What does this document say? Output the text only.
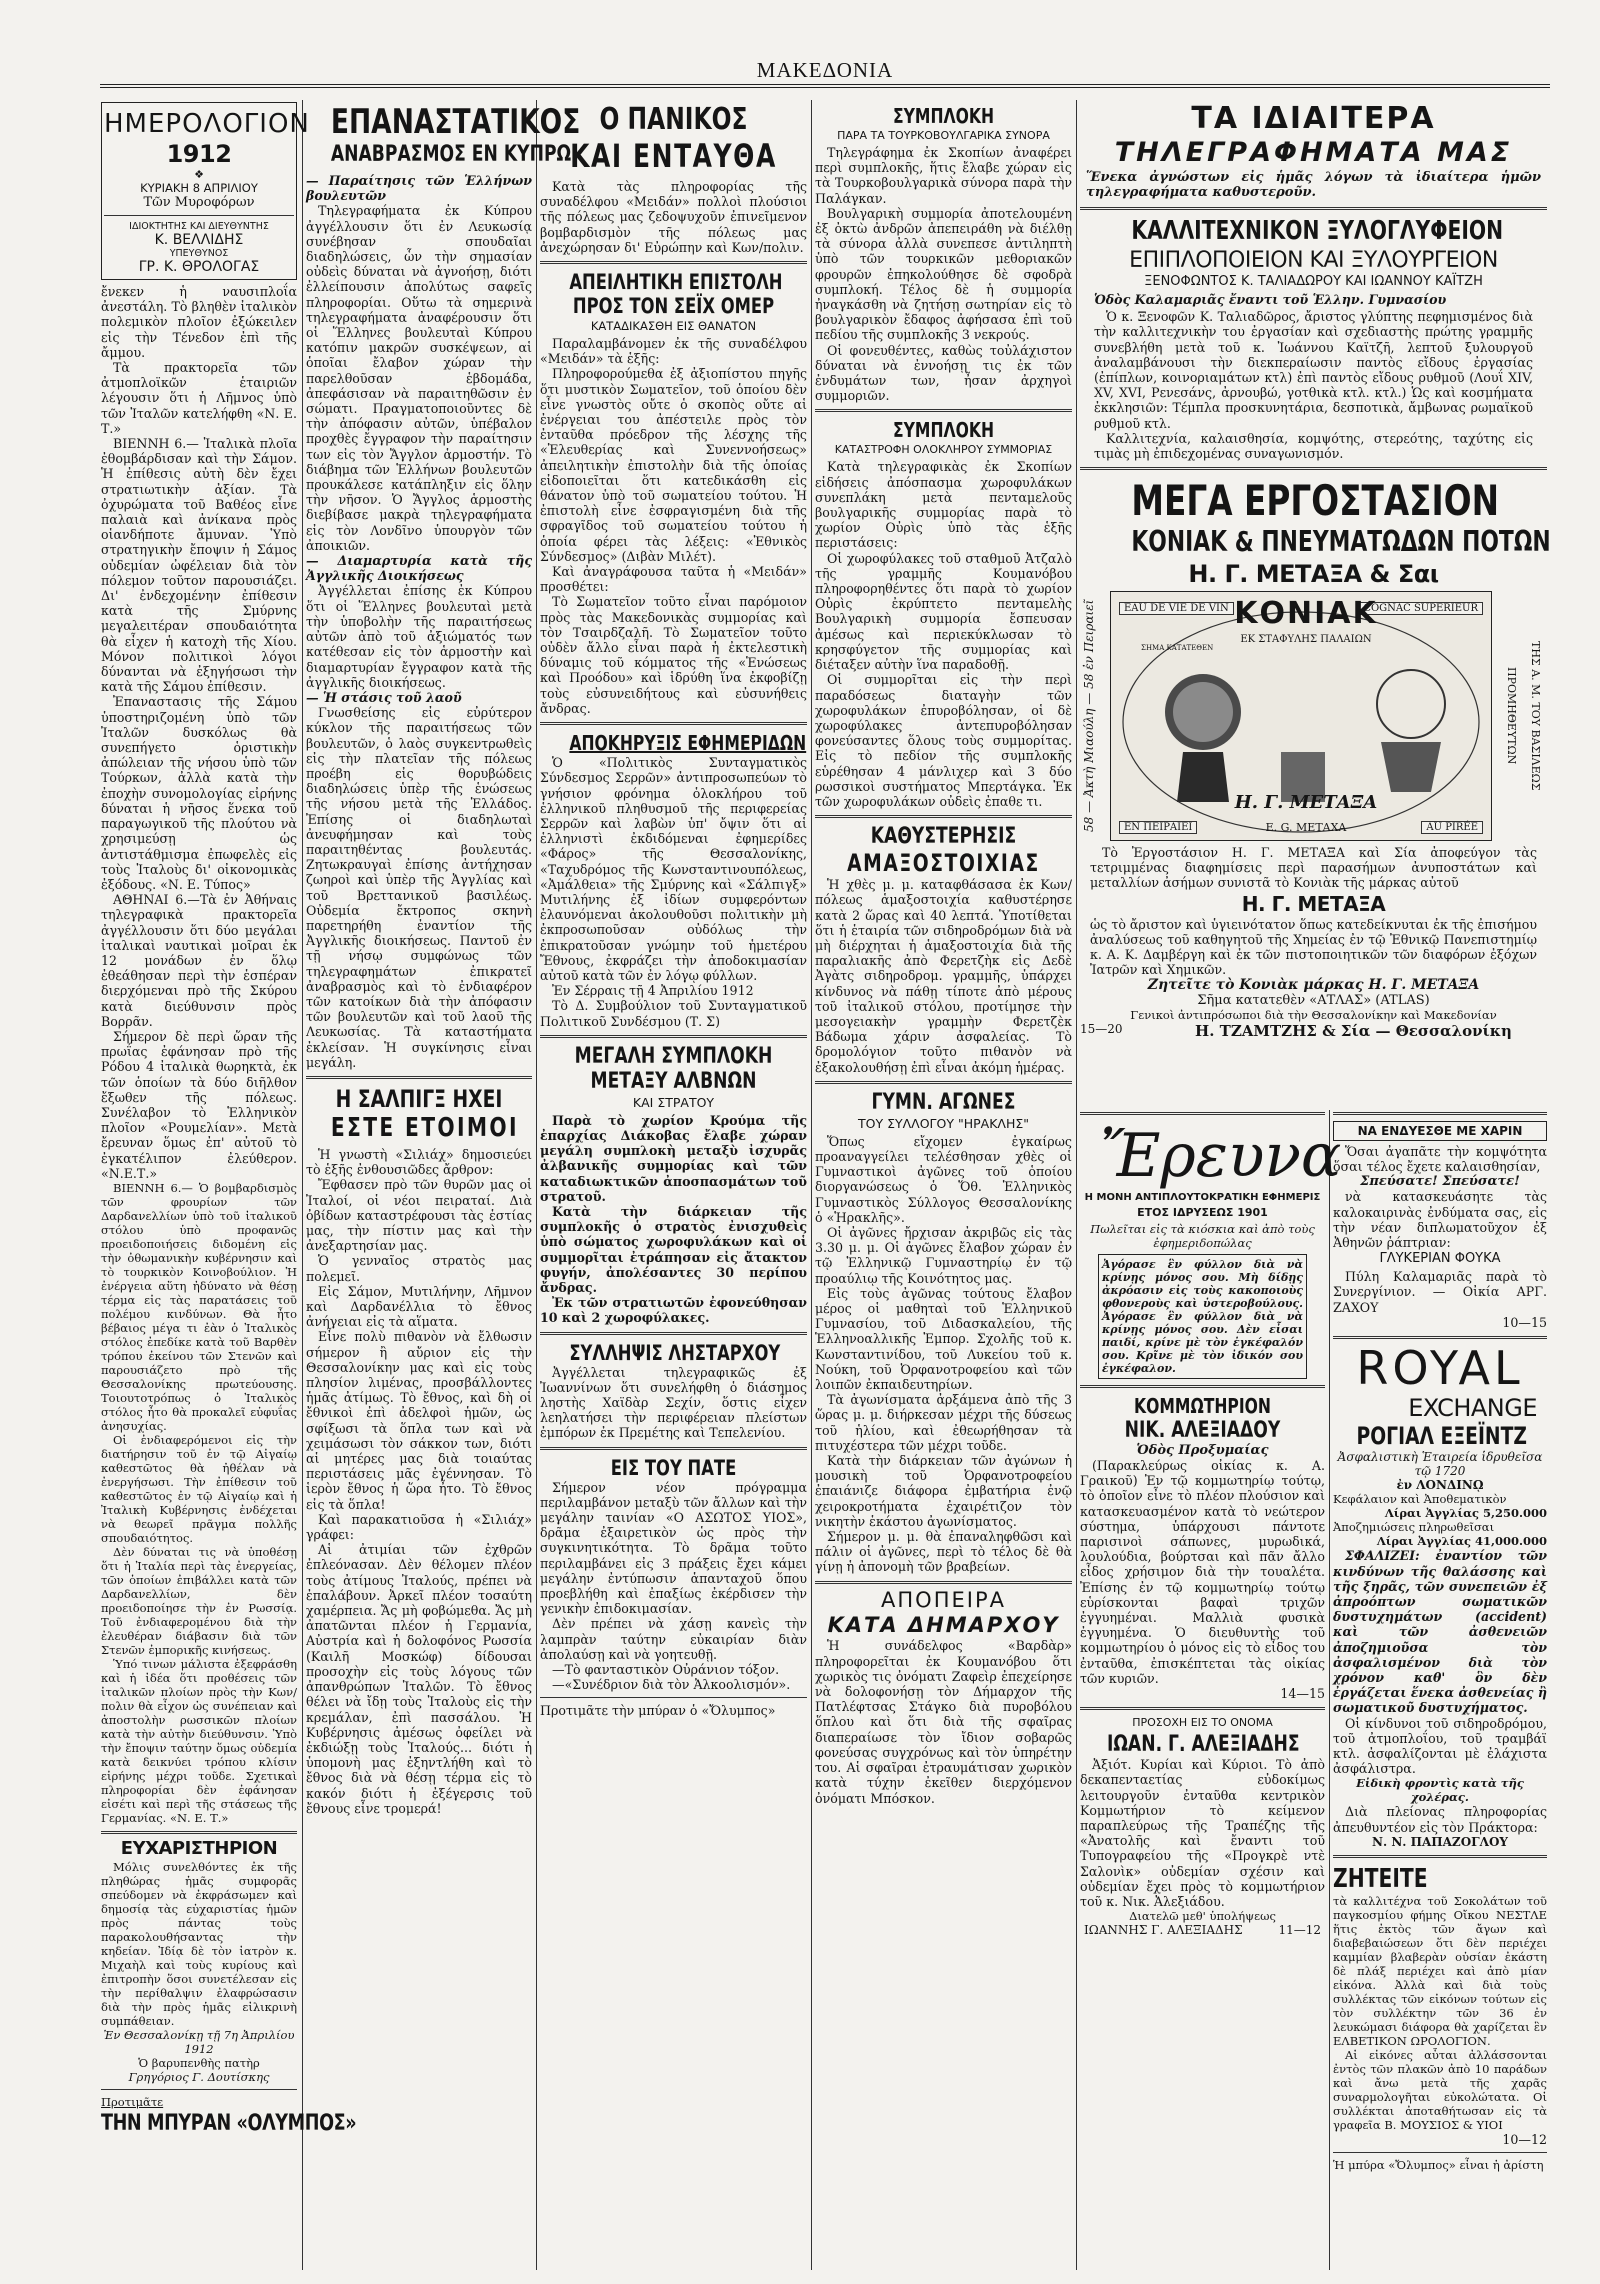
ΜΑΚΕΔΟΝΙΑ
ΗΜΕΡΟΛΟΓΙΟΝ
1912
❖
ΚΥΡΙΑΚΗ 8 ΑΠΡΙΛΙΟΥ
Τῶν Μυροφόρων
ΙΔΙΟΚΤΗΤΗΣ ΚΑΙ ΔΙΕΥΘΥΝΤΗΣ
Κ. ΒΕΛΛΙΔΗΣ
ΥΠΕΥΘΥΝΟΣ
ΓΡ. Κ. ΘΡΟΛΟΓΑΣ

ἔνεκεν ἡ ναυσιπλοΐα ἀνεστάλη. Τὸ βληθὲν ἰταλικὸν πολεμικὸν πλοῖον ἐξώκειλεν εἰς τὴν Τένεδον ἐπὶ τῆς ἄμμου.

Τὰ πρακτορεῖα τῶν ἀτμοπλοϊκῶν ἑταιριῶν λέγουσιν ὅτι ἡ Λῆμνος ὑπὸ τῶν Ἰταλῶν κατελήφθη «Ν. Ε. Τ.»

ΒΙΕΝΝΗ 6.— Ἰταλικὰ πλοῖα ἐθομβάρδισαν καὶ τὴν Σάμον. Ἡ ἐπίθεσις αὐτὴ δὲν ἔχει στρατιωτικὴν ἀξίαν. Τὰ ὀχυρώματα τοῦ Βαθέος εἶνε παλαιὰ καὶ ἀνίκανα πρὸς οἱανδήποτε ἄμυναν. Ὑπὸ στρατηγικὴν ἔποψιν ἡ Σάμος οὐδεμίαν ὠφέλειαν διὰ τὸν πόλεμον τοῦτον παρουσιάζει. Δι' ἐνδεχομένην ἐπίθεσιν κατὰ τῆς Σμύρνης μεγαλειτέραν σπουδαιότητα θὰ εἶχεν ἡ κατοχὴ τῆς Χίου. Μόνον πολιτικοὶ λόγοι δύνανται νὰ ἐξηγήσωσι τὴν κατὰ τῆς Σάμου ἐπίθεσιν.

Ἐπαναστασις τῆς Σάμου ὑποστηριζομένη ὑπὸ τῶν Ἰταλῶν δυσκόλως θὰ συνεπήγετο ὁριστικὴν ἀπώλειαν τῆς νήσου ὑπὸ τῶν Τούρκων, ἀλλὰ κατὰ τὴν ἐποχὴν συνομολογίας εἰρήνης δύναται ἡ νῆσος ἕνεκα τοῦ παραγωγικοῦ τῆς πλούτου νὰ χρησιμεύσῃ ὡς ἀντιστάθμισμα ἐπωφελὲς εἰς τοὺς Ἰταλοὺς δι' οἰκονομικὰς ἐξόδους. «Ν. Ε. Τύπος»

ΑΘΗΝΑΙ 6.—Τὰ ἐν Ἀθήναις τηλεγραφικὰ πρακτορεῖα ἀγγέλλουσιν ὅτι δύο μεγάλαι ἰταλικαὶ ναυτικαὶ μοῖραι ἐκ 12 μονάδων ἐν ὅλῳ ἐθεάθησαν περὶ τὴν ἑσπέραν διερχόμεναι πρὸ τῆς Σκύρου κατὰ διεύθυνσιν πρὸς Βορρᾶν.

Σήμερον δὲ περὶ ὥραν τῆς πρωΐας ἐφάνησαν πρὸ τῆς Ρόδου 4 ἰταλικὰ θωρηκτὰ, ἐκ τῶν ὁποίων τὰ δύο διῆλθον ἔξωθεν τῆς πόλεως. Συνέλαβον τὸ Ἑλληνικὸν πλοῖον «Ρουμελίαν». Μετὰ ἔρευναν ὅμως ἐπ' αὐτοῦ τὸ ἐγκατέλιπον ἐλεύθερον. «Ν.Ε.Τ.»

ΒΙΕΝΝΗ 6.— Ὁ βομβαρδισμὸς τῶν φρουρίων τῶν Δαρδανελλίων ὑπὸ τοῦ ἰταλικοῦ στόλου ὑπὸ προφανῶς προειδοποιήσεις διδομένη εἰς τὴν ὀθωμανικὴν κυβέρνησιν καὶ τὸ τουρκικὸν Κοινοβούλιον. Ἡ ἐνέργεια αὕτη ἠδύνατο νὰ θέσῃ τέρμα εἰς τὰς παρατάσεις τοῦ πολέμου κινδύνων. Θὰ ἦτο βέβαιος μέγα τι ἐὰν ὁ Ἰταλικὸς στόλος ἐπεδίκε κατὰ τοῦ Βαρθὲν τρόπου ἐκείνου τῶν Στενῶν καὶ παρουσιάζετο πρὸ τῆς Θεσσαλονίκης πρωτεύουσης. Τοιουτοτρόπως ὁ Ἰταλικὸς στόλος ἦτο θὰ προκαλεῖ εὐφυΐας ἀνησυχίας.

Οἱ ἐνδιαφερόμενοι εἰς τὴν διατήρησιν τοῦ ἐν τῷ Αἰγαίῳ καθεστῶτος θὰ ἠθέλαν νὰ ἐνεργήσωσι. Τὴν ἐπίθεσιν τοῦ καθεστῶτος ἐν τῷ Αἰγαίῳ καὶ ἡ Ἰταλικὴ Κυβέρνησις ἐνδέχεται νὰ θεωρεῖ πρᾶγμα πολλῆς σπουδαιότητος.

Δὲν δύναται τις νὰ ὑποθέσῃ ὅτι ἡ Ἰταλία περὶ τὰς ἐνεργείας, τῶν ὁποίων ἐπιβάλλει κατὰ τῶν Δαρδανελλίων, δὲν προειδοποίησε τὴν ἐν Ρωσσίᾳ. Τοῦ ἐνδιαφερομένου διὰ τὴν ἐλευθέραν διάβασιν διὰ τῶν Στενῶν ἐμπορικῆς κινήσεως.

Ὑπό τινων μάλιστα ἐξεφράσθη καὶ ἡ ἰδέα ὅτι προθέσεις τῶν ἰταλικῶν πλοίων πρὸς τὴν Κων/πολιν θὰ εἶχον ὡς συνέπειαν καὶ ἀποστολὴν ρωσσικῶν πλοίων κατὰ τὴν αὐτὴν διεύθυνσιν. Ὑπὸ τὴν ἔποψιν ταύτην ὅμως οὐδεμία κατὰ δεικνύει τρόπου κλίσιν εἰρήνης μέχρι τοῦδε. Σχετικαὶ πληροφορίαι δὲν ἐφάνησαν εἰσέτι καὶ περὶ τῆς στάσεως τῆς Γερμανίας. «Ν. Ε. Τ.»

ΕΥΧΑΡΙΣΤΗΡΙΟΝ

Μόλις συνελθόντες ἐκ τῆς πληθώρας ἡμᾶς συμφορᾶς σπεύδομεν νὰ ἐκφράσωμεν καὶ δημοσίᾳ τὰς εὐχαριστίας ἡμῶν πρὸς πάντας τοὺς παρακολουθήσαντας τὴν κηδείαν. Ἰδίᾳ δὲ τὸν ἰατρὸν κ. Μιχαὴλ καὶ τοὺς κυρίους καὶ ἐπιτροπὴν ὅσοι συνετέλεσαν εἰς τὴν περίθαλψιν ἐλαφρώσασιν διὰ τὴν πρὸς ἡμᾶς εἰλικρινὴ συμπάθειαν.

Ἐν Θεσσαλονίκῃ τῇ 7η Ἀπριλίου 1912
Ὁ βαρυπενθὴς πατὴρ
Γρηγόριος Γ. Δουτίσκης
Προτιμᾶτε
ΤΗΝ ΜΠΥΡΑΝ «ΟΛΥΜΠΟΣ»
ΕΠΑΝΑΣΤΑΤΙΚΟΣ
ΑΝΑΒΡΑΣΜΟΣ ΕΝ ΚΥΠΡΩ
— Παραίτησις τῶν Ἑλλήνων βουλευτῶν

Τηλεγραφήματα ἐκ Κύπρου ἀγγέλλουσιν ὅτι ἐν Λευκωσίᾳ συνέβησαν σπουδαῖαι διαδηλώσεις, ὧν τὴν σημασίαν οὐδεὶς δύναται νὰ ἀγνοήσῃ, διότι ἐλλείπουσιν ἀπολύτως σαφεῖς πληροφορίαι. Οὕτω τὰ σημερινὰ τηλεγραφήματα ἀναφέρουσιν ὅτι οἱ Ἕλληνες βουλευταὶ Κύπρου κατόπιν μακρῶν συσκέψεων, αἱ ὁποῖαι ἔλαβον χώραν τὴν παρελθοῦσαν ἑβδομάδα, ἀπεφάσισαν νὰ παραιτηθῶσιν ἐν σώματι. Πραγματοποιοῦντες δὲ τὴν ἀπόφασιν αὐτῶν, ὑπέβαλον προχθὲς ἔγγραφον τὴν παραίτησιν των εἰς τὸν Ἄγγλον ἁρμοστήν. Τὸ διάβημα τῶν Ἑλλήνων βουλευτῶν προυκάλεσε κατάπληξιν εἰς ὅλην τὴν νῆσον. Ὁ Ἄγγλος ἁρμοστὴς διεβίβασε μακρὰ τηλεγραφήματα εἰς τὸν Λονδῖνο ὑπουργὸν τῶν ἀποικιῶν.

— Διαμαρτυρία κατὰ τῆς Ἀγγλικῆς Διοικήσεως

Ἀγγέλλεται ἐπίσης ἐκ Κύπρου ὅτι οἱ Ἕλληνες βουλευταὶ μετὰ τὴν ὑποβολὴν τῆς παραιτήσεως αὐτῶν ἀπὸ τοῦ ἀξιώματός των κατέθεσαν εἰς τὸν ἁρμοστὴν καὶ διαμαρτυρίαν ἔγγραφον κατὰ τῆς ἀγγλικῆς διοικήσεως.

— Ἡ στάσις τοῦ λαοῦ

Γνωσθείσης εἰς εὐρύτερον κύκλον τῆς παραιτήσεως τῶν βουλευτῶν, ὁ λαὸς συγκεντρωθεὶς εἰς τὴν πλατεῖαν τῆς πόλεως προέβη εἰς θορυβώδεις διαδηλώσεις ὑπὲρ τῆς ἑνώσεως τῆς νήσου μετὰ τῆς Ἑλλάδος. Ἐπίσης οἱ διαδηλωταὶ ἀνευφήμησαν καὶ τοὺς παραιτηθέντας βουλευτάς. Ζητωκραυγαὶ ἐπίσης ἀντήχησαν ζωηροὶ καὶ ὑπὲρ τῆς Ἀγγλίας καὶ τοῦ Βρεττανικοῦ βασιλέως. Οὐδεμία ἔκτροπος σκηνὴ παρετηρήθη ἐναντίον τῆς Ἀγγλικῆς διοικήσεως. Παντοῦ ἐν τῇ νήσῳ συμφώνως τῶν τηλεγραφημάτων ἐπικρατεῖ ἀναβρασμὸς καὶ τὸ ἐνδιαφέρον τῶν κατοίκων διὰ τὴν ἀπόφασιν τῶν βουλευτῶν καὶ τοῦ λαοῦ τῆς Λευκωσίας. Τὰ καταστήματα ἐκλείσαν. Ἡ συγκίνησις εἶναι μεγάλη.

Η ΣΑΛΠΙΓΞ ΗΧΕΙ
ΕΣΤΕ ΕΤΟΙΜΟΙ

Ἡ γνωστὴ «Σιλιάχ» δημοσιεύει τὸ ἑξῆς ἐνθουσιῶδες ἄρθρον:

Ἔφθασεν πρὸ τῶν θυρῶν μας οἱ Ἰταλοί, οἱ νέοι πειραταί. Διὰ ὀβίδων καταστρέφουσι τὰς ἑστίας μας, τὴν πίστιν μας καὶ τὴν ἀνεξαρτησίαν μας.

Ὁ γενναῖος στρατὸς μας πολεμεῖ.

Εἰς Σάμον, Μυτιλήνην, Λῆμνον καὶ Δαρδανέλλια τὸ ἔθνος ἀνήγειαι εἰς τὰ αἵματα.

Εἶνε πολὺ πιθανὸν νὰ ἔλθωσιν σήμερον ἢ αὔριον εἰς τὴν Θεσσαλονίκην μας καὶ εἰς τοὺς πλησίον λιμένας, προσβάλλοντες ἡμᾶς ἀτίμως. Τὸ ἔθνος, καὶ δὴ οἱ ἔθνικοὶ ἐπὶ ἀδελφοὶ ἡμῶν, ὡς σφίξωσι τὰ ὅπλα των καὶ νὰ χειμάσωσι τὸν σάκκον των, διότι αἱ μητέρες μας διὰ τοιαύτας περιστάσεις μᾶς ἐγέννησαν. Τὸ ἱερὸν ἔθνος ἡ ὥρα ἦτο. Τὸ ἔθνος εἰς τὰ ὅπλα!

Καὶ παρακατιοῦσα ἡ «Σιλιάχ» γράφει:

Αἱ ἀτιμίαι τῶν ἐχθρῶν ἐπλεόνασαν. Δὲν θέλομεν πλέον τοὺς ἀτίμους Ἰταλούς, πρέπει νὰ ἐπαλάβουν. Ἀρκεῖ πλέον τοσαύτη χαμέρπεια. Ἄς μὴ φοβώμεθα. Ἄς μὴ ἀπατῶνται πλέον ἡ Γερμανία, Αὐστρία καὶ ἡ δολοφόνος Ρωσσία (Καιλῆ Μοσκώφ) δίδουσαι προσοχὴν εἰς τοὺς λόγους τῶν ἀπανθρώπων Ἰταλῶν. Τὸ ἔθνος θέλει νὰ ἴδῃ τοὺς Ἰταλοὺς εἰς τὴν κρεμάλαν, ἐπὶ πασσάλου. Ἡ Κυβέρνησις ἀμέσως ὀφείλει νὰ ἐκδιώξῃ τοὺς Ἰταλούς... διότι ἡ ὑπομονὴ μας ἐξηντλήθη καὶ τὸ ἔθνος διὰ νὰ θέσῃ τέρμα εἰς τὸ κακόν διότι ἡ ἐξέγερσις τοῦ ἔθνους εἶνε τρομερά!

Ο ΠΑΝΙΚΟΣ
ΚΑΙ ΕΝΤΑΥΘΑ

Κατὰ τὰς πληροφορίας τῆς συναδέλφου «Μειδάν» πολλοὶ πλούσιοι τῆς πόλεως μας ζεδοψυχοῦν ἐπινεῖμενον βομβαρδισμὸν τῆς πόλεως μας ἀνεχώρησαν δι' Εὐρώπην καὶ Κων/πολιν.

ΑΠΕΙΛΗΤΙΚΗ ΕΠΙΣΤΟΛΗ
ΠΡΟΣ ΤΟΝ ΣΕΪΧ ΟΜΕΡ
ΚΑΤΑΔΙΚΑΣΘΗ ΕΙΣ ΘΑΝΑΤΟΝ

Παραλαμβάνομεν ἐκ τῆς συναδέλφου «Μειδάν» τὰ ἑξῆς:

Πληροφορούμεθα ἐξ ἀξιοπίστου πηγῆς ὅτι μυστικὸν Σωματεῖον, τοῦ ὁποίου δὲν εἶνε γνωστὸς οὔτε ὁ σκοπὸς οὔτε αἱ ἐνέργειαι του ἀπέστειλε πρὸς τὸν ἐνταῦθα πρόεδρον τῆς λέσχης τῆς «Ἐλευθερίας καὶ Συνεννοήσεως» ἀπειλητικὴν ἐπιστολὴν διὰ τῆς ὁποίας εἰδοποιεῖται ὅτι κατεδικάσθη εἰς θάνατον ὑπὸ τοῦ σωματείου τούτου. Ἡ ἐπιστολὴ εἶνε ἐσφραγισμένη διὰ τῆς σφραγῖδος τοῦ σωματείου τούτου ἡ ὁποία φέρει τὰς λέξεις: «Ἐθνικὸς Σύνδεσμος» (Διβὰν Μιλέτ).

Καὶ ἀναγράφουσα ταῦτα ἡ «Μειδάν» προσθέτει:

Τὸ Σωματεῖον τοῦτο εἶναι παρόμοιον πρὸς τὰς Μακεδονικὰς συμμορίας καὶ τὸν Τσαιρδζαλῆ. Τὸ Σωματεῖον τοῦτο οὐδὲν ἄλλο εἶναι παρὰ ἡ ἐκτελεστικὴ δύναμις τοῦ κόμματος τῆς «Ἑνώσεως καὶ Προόδου» καὶ ἱδρύθη ἵνα ἐκφοβίζῃ τοὺς εὐσυνειδήτους καὶ εὐσυνήθεις ἄνδρας.

ΑΠΟΚΗΡΥΞΙΣ ΕΦΗΜΕΡΙΔΩΝ

Ὁ «Πολιτικὸς Συνταγματικὸς Σύνδεσμος Σερρῶν» ἀντιπροσωπεύων τὸ γνήσιον φρόνημα ὁλοκλήρου τοῦ ἑλληνικοῦ πληθυσμοῦ τῆς περιφερείας Σερρῶν καὶ λαβὼν ὑπ' ὄψιν ὅτι αἱ ἑλληνιστὶ ἐκδιδόμεναι ἐφημερίδες «Φάρος» τῆς Θεσσαλονίκης, «Ταχυδρόμος τῆς Κωνσταντινουπόλεως, «Ἀμάλθεια» τῆς Σμύρνης καὶ «Σάλπιγξ» Μυτιλήνης ἐξ ἰδίων συμφερόντων ἑλαυνόμεναι ἀκολουθοῦσι πολιτικὴν μὴ ἐκπροσωποῦσαν οὐδόλως τὴν ἐπικρατοῦσαν γνώμην τοῦ ἡμετέρου Ἔθνους, ἐκφράζει τὴν ἀποδοκιμασίαν αὐτοῦ κατὰ τῶν ἐν λόγῳ φύλλων.

Ἐν Σέρραις τῇ 4 Ἀπριλίου 1912

Τὸ Δ. Συμβούλιον τοῦ Συνταγματικοῦ Πολιτικοῦ Συνδέσμου (Τ. Σ)

ΜΕΓΑΛΗ ΣΥΜΠΛΟΚΗ
ΜΕΤΑΞΥ ΑΛΒΝΩΝ
ΚΑΙ ΣΤΡΑΤΟΥ

Παρὰ τὸ χωρίον Κρούμα τῆς ἐπαρχίας Διάκοβας ἔλαβε χώραν μεγάλη συμπλοκὴ μεταξὺ ἰσχυρᾶς ἀλβανικῆς συμμορίας καὶ τῶν καταδιωκτικῶν ἀποσπασμάτων τοῦ στρατοῦ.

Κατὰ τὴν διάρκειαν τῆς συμπλοκῆς ὁ στρατὸς ἐνισχυθεὶς ὑπὸ σώματος χωροφυλάκων καὶ οἱ συμμορῖται ἐτράπησαν εἰς ἄτακτον φυγήν, ἀπολέσαντες 30 περίπου ἄνδρας.

Ἐκ τῶν στρατιωτῶν ἐφονεύθησαν 10 καὶ 2 χωροφύλακες.

ΣΥΛΛΗΨΙΣ ΛΗΣΤΑΡΧΟΥ

Ἀγγέλλεται τηλεγραφικῶς ἐξ Ἰωαννίνων ὅτι συνελήφθη ὁ διάσημος ληστὴς Χαϊδὰρ Σεχίν, ὅστις εἶχεν λεηλατήσει τὴν περιφέρειαν πλείστων ἐμπόρων ἐκ Πρεμέτης καὶ Τεπελενίου.

ΕΙΣ ΤΟΥ ΠΑΤΕ

Σήμερον νέον πρόγραμμα περιλαμβάνον μεταξὺ τῶν ἄλλων καὶ τὴν μεγάλην ταινίαν «Ο ΑΣΩΤΟΣ ΥΙΟΣ», δρᾶμα ἐξαιρετικὸν ὡς πρὸς τὴν συγκινητικότητα. Τὸ δρᾶμα τοῦτο περιλαμβάνει εἰς 3 πράξεις ἔχει κάμει μεγάλην ἐντύπωσιν ἁπανταχοῦ ὅπου προεβλήθη καὶ ἐπαξίως ἐκέρδισεν τὴν γενικὴν ἐπιδοκιμασίαν.

Δὲν πρέπει νὰ χάσῃ κανεὶς τὴν λαμπρὰν ταύτην εὐκαιρίαν διὰν ἀπολαύσῃ καὶ νὰ γοητευθῇ.

—Τὸ φανταστικὸν Οὐράνιον τόξον.

—«Συνέδριον διὰ τὸν Ἀλκοολισμόν».

Προτιμᾶτε τὴν μπύραν ὁ «Ὄλυμπος»

ΣΥΜΠΛΟΚΗ
ΠΑΡΑ ΤΑ ΤΟΥΡΚΟΒΟΥΛΓΑΡΙΚΑ ΣΥΝΟΡΑ

Τηλεγράφημα ἐκ Σκοπίων ἀναφέρει περὶ συμπλοκῆς, ἥτις ἔλαβε χώραν εἰς τὰ Τουρκοβουλγαρικὰ σύνορα παρὰ τὴν Παλάγκαν.

Βουλγαρικὴ συμμορία ἀποτελουμένη ἐξ ὀκτὼ ἀνδρῶν ἀπεπειράθη νὰ διέλθῃ τὰ σύνορα ἀλλὰ συνεπεσε ἀντιληπτὴ ὑπὸ τῶν τουρκικῶν μεθοριακῶν φρουρῶν ἐπηκολούθησε δὲ σφοδρὰ συμπλοκή. Τέλος δὲ ἡ συμμορία ἠναγκάσθη νὰ ζητήσῃ σωτηρίαν εἰς τὸ βουλγαρικὸν ἔδαφος ἀφήσασα ἐπὶ τοῦ πεδίου τῆς συμπλοκῆς 3 νεκρούς.

Οἱ φονευθέντες, καθὼς τοὐλάχιστον δύναται νὰ ἐννοήσῃ τις ἐκ τῶν ἐνδυμάτων των, ἦσαν ἀρχηγοὶ συμμοριῶν.

ΣΥΜΠΛΟΚΗ
ΚΑΤΑΣΤΡΟΦΗ ΟΛΟΚΛΗΡΟΥ ΣΥΜΜΟΡΙΑΣ

Κατὰ τηλεγραφικὰς ἐκ Σκοπίων εἰδήσεις ἀπόσπασμα χωροφυλάκων συνεπλάκη μετὰ πενταμελοῦς βουλγαρικῆς συμμορίας παρὰ τὸ χωρίον Οὐρὶς ὑπὸ τὰς ἑξῆς περιστάσεις:

Οἱ χωροφύλακες τοῦ σταθμοῦ Ἀτζαλὸ τῆς γραμμῆς Κουμανόβου πληροφορηθέντες ὅτι παρὰ τὸ χωρίον Οὐρὶς ἐκρύπτετο πενταμελὴς Βουλγαρικὴ συμμορία ἔσπευσαν ἀμέσως καὶ περιεκύκλωσαν τὸ κρησφύγετον τῆς συμμορίας καὶ διέταξεν αὐτὴν ἵνα παραδοθῇ.

Οἱ συμμορῖται εἰς τὴν περὶ παραδόσεως διαταγὴν τῶν χωροφυλάκων ἐπυροβόλησαν, οἱ δὲ χωροφύλακες ἀντεπυροβόλησαν φονεύσαντες ὅλους τοὺς συμμορίτας. Εἰς τὸ πεδίον τῆς συμπλοκῆς εὑρέθησαν 4 μάνλιχερ καὶ 3 δύο ρωσσικοὶ συστήματος Μπερτάγκα. Ἐκ τῶν χωροφυλάκων οὐδεὶς ἐπαθε τι.

ΚΑΘΥΣΤΕΡΗΣΙΣ
ΑΜΑΞΟΣΤΟΙΧΙΑΣ

Ἡ χθὲς μ. μ. καταφθάσασα ἐκ Κων/πόλεως ἁμαξοστοιχία καθυστέρησε κατὰ 2 ὥρας καὶ 40 λεπτά. Ὑποτίθεται ὅτι ἡ ἑταιρία τῶν σιδηροδρόμων διὰ νὰ μὴ διέρχηται ἡ ἁμαξοστοιχία διὰ τῆς παραλιακῆς ἀπὸ Φερετζὴκ εἰς Δεδὲ Ἀγὰτς σιδηροδρομ. γραμμῆς, ὑπάρχει κίνδυνος νὰ πάθῃ τίποτε ἀπὸ μέρους τοῦ ἰταλικοῦ στόλου, προτίμησε τὴν μεσογειακὴν γραμμὴν Φερετζὲκ Βάδωμα χάριν ἀσφαλείας. Τὸ δρομολόγιον τοῦτο πιθανὸν νὰ ἐξακολουθήσῃ ἐπὶ εἶναι ἀκόμη ἡμέρας.

ΓΥΜΝ. ΑΓΩΝΕΣ
ΤΟΥ ΣΥΛΛΟΓΟΥ "ΗΡΑΚΛΗΣ"

Ὅπως εἴχομεν ἐγκαίρως προαναγγείλει τελέσθησαν χθὲς οἱ Γυμναστικοὶ ἀγῶνες τοῦ ὁποίου διοργανώσεως ὁ Ὅθ. Ἑλληνικὸς Γυμναστικὸς Σύλλογος Θεσσαλονίκης ὁ «Ἡρακλῆς».

Οἱ ἀγῶνες ἤρχισαν ἀκριβῶς εἰς τὰς 3.30 μ. μ. Οἱ ἀγῶνες ἔλαβον χώραν ἐν τῷ Ἑλληνικῷ Γυμναστηρίῳ ἐν τῷ προαύλιῳ τῆς Κοινότητος μας.

Εἰς τοὺς ἀγῶνας τούτους ἔλαβον μέρος οἱ μαθηταὶ τοῦ Ἑλληνικοῦ Γυμνασίου, τοῦ Διδασκαλείου, τῆς Ἑλληνοαλλικῆς Ἐμπορ. Σχολῆς τοῦ κ. Κωνσταντινίδου, τοῦ Λυκείου τοῦ κ. Νούκη, τοῦ Ὀρφανοτροφείου καὶ τῶν λοιπῶν ἐκπαιδευτηρίων.

Τὰ ἀγωνίσματα ἀρξάμενα ἀπὸ τῆς 3 ὥρας μ. μ. διήρκεσαν μέχρι τῆς δύσεως τοῦ ἡλίου, καὶ ἐθεωρήθησαν τὰ πιτυχέστερα τῶν μέχρι τοῦδε.

Κατὰ τὴν διάρκειαν τῶν ἀγώνων ἡ μουσικὴ τοῦ Ὀρφανοτροφείου ἐπαιάνιζε διάφορα ἐμβατήρια ἐνῷ χειροκροτήματα ἐχαιρέτιζον τὸν νικητὴν ἑκάστου ἀγωνίσματος.

Σήμερον μ. μ. θὰ ἐπαναληφθῶσι καὶ πάλιν οἱ ἀγῶνες, περὶ τὸ τέλος δὲ θὰ γίνῃ ἡ ἀπονομὴ τῶν βραβείων.

ΑΠΟΠΕΙΡΑ
ΚΑΤΑ ΔΗΜΑΡΧΟΥ

Ἡ συνάδελφος «Βαρδὰρ» πληροφορεῖται ἐκ Κουμανόβου ὅτι χωρικὸς τις ὀνόματι Ζαφεὶρ ἐπεχείρησε νὰ δολοφονήσῃ τὸν Δήμαρχον τῆς Πατλέφτσας Στάγκο διὰ πυροβόλου ὅπλου καὶ ὅτι διὰ τῆς σφαῖρας διαπεραίωσε τὸν ἴδιον σοβαρῶς φονεύσας συγχρόνως καὶ τὸν ὑπηρέτην του. Αἱ σφαῖραι ἐτραυμάτισαν χωρικὸν κατὰ τύχην ἐκεῖθεν διερχόμενον ὀνόματι Μπόσκον.

ΤΑ ΙΔΙΑΙΤΕΡΑ
ΤΗΛΕΓΡΑΦΗΜΑΤΑ ΜΑΣ
Ἕνεκα ἀγνώστων εἰς ἡμᾶς λόγων τὰ ἰδιαίτερα ἡμῶν τηλεγραφήματα καθυστεροῦν.
ΚΑΛΛΙΤΕΧΝΙΚΟΝ ΞΥΛΟΓΛΥΦΕΙΟΝ
ΕΠΙΠΛΟΠΟΙΕΙΟΝ ΚΑΙ ΞΥΛΟΥΡΓΕΙΟΝ
ΞΕΝΟΦΩΝΤΟΣ Κ. ΤΑΛΙΑΔΩΡΟΥ ΚΑΙ ΙΩΑΝΝΟΥ ΚΑΪΤΖΗ
Ὁδὸς Καλαμαριᾶς ἔναντι τοῦ Ἑλλην. Γυμνασίου

Ὁ κ. Ξενοφῶν Κ. Ταλιαδῶρος, ἄριστος γλύπτης πεφημισμένος διὰ τὴν καλλιτεχνικὴν του ἐργασίαν καὶ σχεδιαστὴς πρώτης γραμμῆς συνεβλήθη μετὰ τοῦ κ. Ἰωάννου Καϊτζῆ, λεπτοῦ ξυλουργοῦ ἀναλαμβάνουσι τὴν διεκπεραίωσιν παντὸς εἴδους ἐργασίας (ἐπίπλων, κοινοριαμάτων κτλ) ἐπὶ παντὸς εἴδους ρυθμοῦ (Λουΐ XIV, XV, XVI, Ρενεσάνς, ἀρνουβώ, γοτθικὰ κτλ. κτλ.) Ὡς καὶ κοσμήματα ἐκκλησιῶν: Τέμπλα προσκυνητάρια, δεσποτικὰ, ἄμβωνας ρωμαϊκοῦ ρυθμοῦ κτλ.

Καλλιτεχνία, καλαισθησία, κομψότης, στερεότης, ταχύτης εἰς τιμὰς μὴ ἐπιδεχομένας συναγωνισμόν.

ΜΕΓΑ ΕΡΓΟΣΤΑΣΙΟΝ
ΚΟΝΙΑΚ & ΠΝΕΥΜΑΤΩΔΩΝ ΠΟΤΩΝ
Η. Γ. ΜΕΤΑΞΑ & Σαι
58 — Ἀκτὴ Μιαούλη — 58 ἐν Πειραιεῖ	EAU DE VIE DE VIN	COGNAC SUPERIEUR
ΚΟΝΙΑΚ
ΕΚ ΣΤΑΦΥΛΗΣ ΠΑΛΑΙΩΝ
ΣΗΜΑ ΚΑΤΑΤΕΘΕΝ
Η. Γ. ΜΕΤΑΞΑ
ΕΝ ΠΕΙΡΑΙΕΙ	Ε. G. ΜΕΤΑΧΑ	AU PIRÉE
ΠΡΟΜΗΘΕΥΤΩΝ	ΤΗΣ Α. Μ. ΤΟΥ ΒΑΣΙΛΕΩΣ

Τὸ Ἐργοστάσιον Η. Γ. ΜΕΤΑΞΑ καὶ Σία ἀποφεύγον τὰς τετριμμένας διαφημίσεις περὶ παρασήμων ἀνυποστάτων καὶ μεταλλίων ἀσήμων συνιστᾶ τὸ Κονιὰκ τῆς μάρκας αὐτοῦ

Η. Γ. ΜΕΤΑΞΑ

ὡς τὸ ἄριστον καὶ ὑγιεινότατον ὅπως κατεδείκνυται ἐκ τῆς ἐπισήμου ἀναλύσεως τοῦ καθηγητοῦ τῆς Χημείας ἐν τῷ Ἐθνικῷ Πανεπιστημίῳ κ. Α. Κ. Δαμβέργη καὶ ἐκ τῶν πιστοποιητικῶν τῶν διαφόρων ἐξόχων Ἰατρῶν καὶ Χημικῶν.

Ζητεῖτε τὸ Κονιὰκ μάρκας Η. Γ. ΜΕΤΑΞΑ
Σῆμα κατατεθὲν «ΑΤΛΑΣ» (ATLAS)
Γενικοὶ ἀντιπρόσωποι διὰ τὴν Θεσσαλονίκην καὶ Μακεδονίαν
15—20	Η. ΤΖΑΜΤΖΗΣ & Σία — Θεσσαλονίκη
Ἔρευνα
Η ΜΟΝΗ ΑΝΤΙΠΛΟΥΤΟΚΡΑΤΙΚΗ ΕΦΗΜΕΡΙΣ
ΕΤΟΣ ΙΔΡΥΣΕΩΣ 1901
Πωλεῖται εἰς τὰ κιόσκια καὶ ἀπὸ τοὺς ἐφημεριδοπώλας
Ἀγόρασε ἓν φύλλον διὰ νὰ κρίνῃς μόνος σου. Μὴ δίδῃς ἀκρόασιν εἰς τοὺς κακοποιοὺς φθονεροὺς καὶ ὑστεροβούλους. Ἀγόρασε ἓν φύλλον διὰ νὰ κρίνῃς μόνος σου. Δὲν εἶσαι παιδί, κρίνε μὲ τὸν ἐγκέφαλόν σου. Κρῖνε μὲ τὸν ἰδικόν σου ἐγκέφαλον.
ΚΟΜΜΩΤΗΡΙΟΝ
ΝΙΚ. ΑΛΕΞΙΑΔΟΥ
Ὁδὸς Προξυμαίας

(Παρακλεύρως οἰκίας κ. Α. Γραικοῦ) Ἐν τῷ κομμωτηρίῳ τούτῳ, τὸ ὁποῖον εἶνε τὸ πλέον πλούσιον καὶ κατασκευασμένον κατὰ τὸ νεώτερον σύστημα, ὑπάρχουσι πάντοτε παρισινοὶ σάπωνες, μυρωδικά, λουλούδια, βούρτσαι καὶ πᾶν ἄλλο εἶδος χρήσιμον διὰ τὴν τουαλέτα. Ἐπίσης ἐν τῷ κομμωτηρίῳ τούτῳ εὑρίσκονται βαφαὶ τριχῶν ἐγγυημέναι. Μαλλιὰ φυσικὰ ἐγγυημένα. Ὁ διευθυντὴς τοῦ κομμωτηρίου ὁ μόνος εἰς τὸ εἶδος του ἐνταῦθα, ἐπισκέπτεται τὰς οἰκίας τῶν κυριῶν.

14—15
ΠΡΟΣΟΧΗ ΕΙΣ ΤΟ ΟΝΟΜΑ
ΙΩΑΝ. Γ. ΑΛΕΞΙΑΔΗΣ

Ἀξιότ. Κυρίαι καὶ Κύριοι. Τὸ ἀπὸ δεκαπενταετίας εὐδοκίμως λειτουργοῦν ἐνταῦθα κεντρικὸν Κομμωτήριον τὸ κείμενον παραπλεύρως τῆς Τραπέζης τῆς «Ἀνατολῆς καὶ ἔναντι τοῦ Τυπογραφείου τῆς «Προγκρὲ ντὲ Σαλονὶκ» οὐδεμίαν σχέσιν καὶ οὐδεμίαν ἔχει πρὸς τὸ κομμωτήριον τοῦ κ. Νικ. Ἀλεξιάδου.

Διατελῶ μεθ' ὑπολήψεως
ΙΩΑΝΝΗΣ Γ. ΑΛΕΞΙΑΔΗΣ	11—12
ΝΑ ΕΝΔΥΕΣΘΕ ΜΕ ΧΑΡΙΝ

Ὅσαι ἀγαπᾶτε τὴν κομψότητα ὅσαι τέλος ἔχετε καλαισθησίαν,

Σπεύσατε! Σπεύσατε!

νὰ κατασκευάσητε τὰς καλοκαιρινὰς ἐνδύματα σας, εἰς τὴν νέαν διπλωματοῦχον ἐξ Ἀθηνῶν ῥάπτριαν:

ΓΛΥΚΕΡΙΑΝ ΦΟΥΚΑ

Πύλη Καλαμαριᾶς παρὰ τὸ Συνεργίνιον. — Οἰκία ΑΡΓ. ΖΑΧΟΥ

10—15
ROYAL
EXCHANGE
ΡΟΓΙΑΛ ΕΞΕΪΝΤΖ
Ἀσφαλιστικὴ Ἑταιρεία ἱδρυθεῖσα τῷ 1720
ἐν ΛΟΝΔΙΝῼ
Κεφάλαιον καὶ Ἀποθεματικὸν
Λίραι Ἀγγλίας 5,250.000
Ἀποζημιώσεις πληρωθεῖσαι
Λίραι Ἀγγλίας 41,000.000

ΣΦΑΛΙΖΕΙ: ἐναντίον τῶν κινδύνων τῆς θαλάσσης καὶ τῆς ξηρᾶς, τῶν συνεπειῶν ἐξ ἀπροόπτων σωματικῶν δυστυχημάτων (accident) καὶ τῶν ἀσθενειῶν ἀποζημιοῦσα τὸν ἀσφαλισμένον διὰ τὸν χρόνον καθ' ὃν δὲν ἐργάζεται ἕνεκα ἀσθενείας ἢ σωματικοῦ δυστυχήματος.

Οἱ κίνδυνοι τοῦ σιδηροδρόμου, τοῦ ἀτμοπλοΐου, τοῦ τραμβάϊ κτλ. ἀσφαλίζονται μὲ ἐλάχιστα ἀσφάλιστρα.

Εἰδικὴ φροντὶς κατὰ τῆς χολέρας.

Διὰ πλείονας πληροφορίας ἀπευθυντέον εἰς τὸν Πράκτορα:

Ν. Ν. ΠΑΠΑΖΟΓΛΟΥ
ΖΗΤΕΙΤΕ

τὰ καλλιτέχνα τοῦ Σοκολάτων τοῦ παγκοσμίου φήμης Οἴκου ΝΕΣΤΛΕ ἥτις ἐκτὸς τῶν ἄγων καὶ διαβεβαιώσεων ὅτι δὲν περιέχει καμμίαν βλαβερὰν οὐσίαν ἐκάστη δὲ πλάξ περιέχει καὶ ἀπὸ μίαν εἰκόνα. Ἀλλὰ καὶ διὰ τοὺς συλλέκτας τῶν εἰκόνων τούτων εἰς τὸν συλλέκτην τῶν 36 ἐν λευκώμασι διάφορα θὰ χαρίζεται ἓν ΕΛΒΕΤΙΚΟΝ ΩΡΟΛΟΓΙΟΝ.

Αἱ εἰκόνες αὗται ἀλλάσσονται ἐντὸς τῶν πλακῶν ἀπὸ 10 παράδων καὶ ἄνω μετὰ τῆς χαρᾶς συναρμολογῆται εὐκολώτατα. Οἱ συλλέκται ἀποταθήτωσαν εἰς τὰ γραφεῖα Β. ΜΟΥΣΙΟΣ & ΥΙΟΙ

10—12
Ἡ μπύρα «Ὄλυμπος» εἶναι ἡ ἀρίστη
